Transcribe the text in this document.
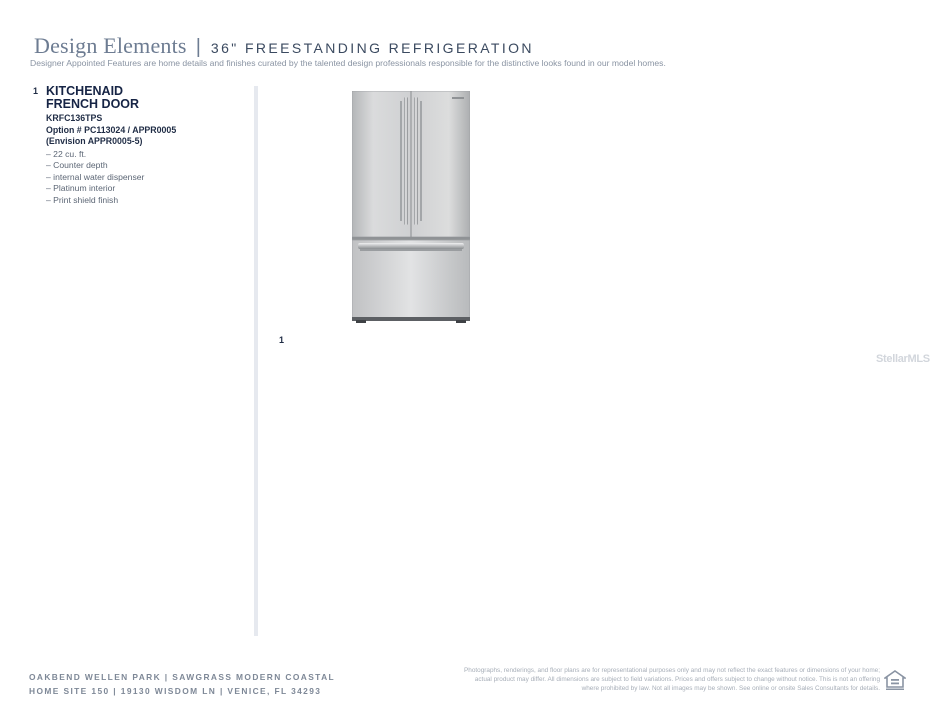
Design Elements | 36" FREESTANDING REFRIGERATION
Designer Appointed Features are home details and finishes curated by the talented design professionals responsible for the distinctive looks found in our model homes.
1 KITCHENAID
FRENCH DOOR
KRFC136TPS
Option # PC113024 / APPR0005
(Envision APPR0005-5)
– 22 cu. ft.
– Counter depth
– internal water dispenser
– Platinum interior
– Print shield finish
1
StellarMLS
OAKBEND WELLEN PARK | SAWGRASS MODERN COASTAL
HOME SITE 150 | 19130 WISDOM LN | VENICE, FL 34293
Photographs, renderings, and floor plans are for representational purposes only and may not reflect the exact features or dimensions of your home; actual product may differ. All dimensions are subject to field variations. Prices and offers subject to change without notice. This is not an offering where prohibited by law. Not all images may be shown. See online or onsite Sales Consultants for details.
